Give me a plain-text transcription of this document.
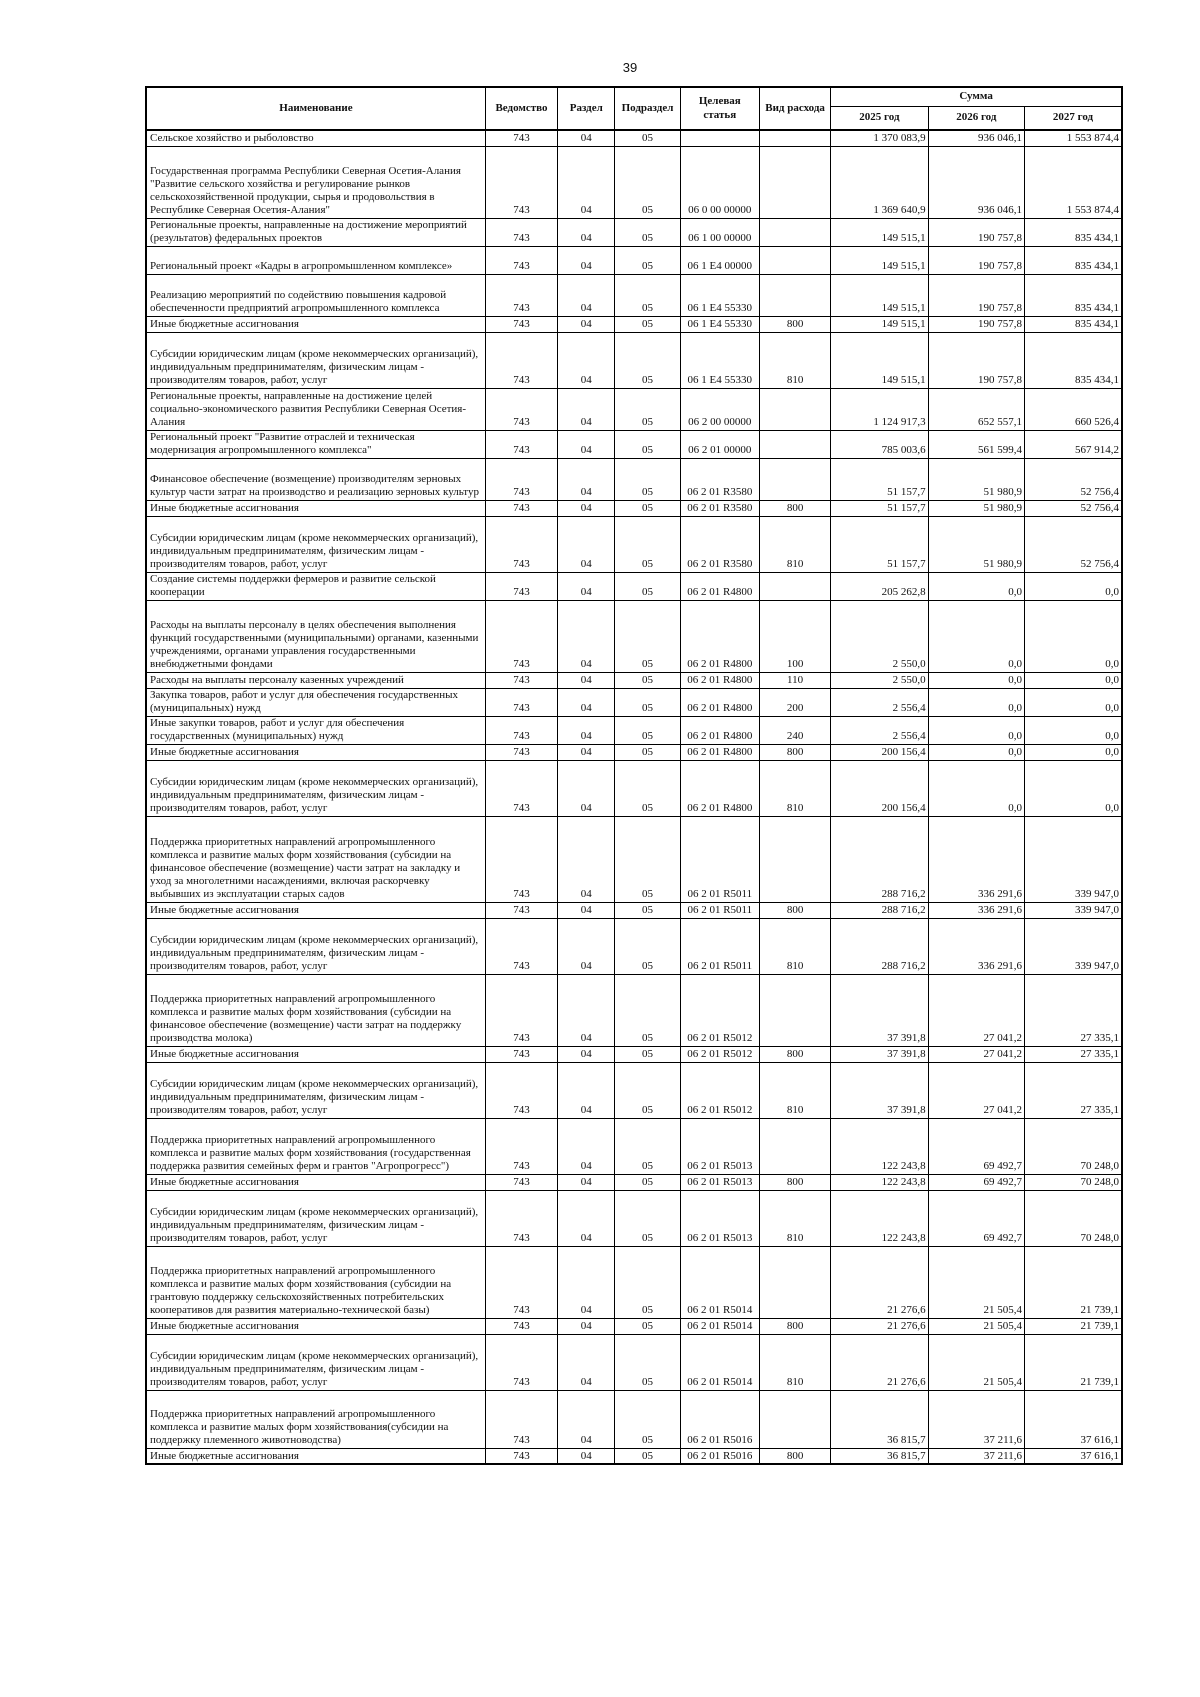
39
Наименование	Ведомство	Раздел	Подраздел	Целевая статья	Вид расхода	Сумма		
						2025 год	2026 год	2027 год
Сельское хозяйство и рыболовство	743	04	05			1 370 083,9	936 046,1	1 553 874,4
Государственная программа Республики Северная Осетия-Алания "Развитие сельского хозяйства и регулирование рынков сельскохозяйственной продукции, сырья и продовольствия в Республике Северная Осетия-Алания"	743	04	05	06 0 00 00000		1 369 640,9	936 046,1	1 553 874,4
Региональные проекты, направленные на достижение мероприятий (результатов) федеральных проектов	743	04	05	06 1 00 00000		149 515,1	190 757,8	835 434,1
Региональный проект «Кадры в агропромышленном комплексе»	743	04	05	06 1 Е4 00000		149 515,1	190 757,8	835 434,1
Реализацию мероприятий по содействию повышения кадровой обеспеченности предприятий агропромышленного комплекса	743	04	05	06 1 Е4 55330		149 515,1	190 757,8	835 434,1
Иные бюджетные ассигнования	743	04	05	06 1 Е4 55330	800	149 515,1	190 757,8	835 434,1
Субсидии юридическим лицам (кроме некоммерческих организаций), индивидуальным предпринимателям, физическим лицам - производителям товаров, работ, услуг	743	04	05	06 1 Е4 55330	810	149 515,1	190 757,8	835 434,1
Региональные проекты, направленные на достижение целей социально-экономического развития Республики Северная Осетия-Алания	743	04	05	06 2 00 00000		1 124 917,3	652 557,1	660 526,4
Региональный проект "Развитие отраслей и техническая модернизация агропромышленного комплекса"	743	04	05	06 2 01 00000		785 003,6	561 599,4	567 914,2
Финансовое обеспечение (возмещение) производителям зерновых культур части затрат на производство и реализацию зерновых культур	743	04	05	06 2 01 R3580		51 157,7	51 980,9	52 756,4
Иные бюджетные ассигнования	743	04	05	06 2 01 R3580	800	51 157,7	51 980,9	52 756,4
Субсидии юридическим лицам (кроме некоммерческих организаций), индивидуальным предпринимателям, физическим лицам - производителям товаров, работ, услуг	743	04	05	06 2 01 R3580	810	51 157,7	51 980,9	52 756,4
Создание системы поддержки фермеров и развитие сельской кооперации	743	04	05	06 2 01 R4800		205 262,8	0,0	0,0
Расходы на выплаты персоналу в целях обеспечения выполнения функций государственными (муниципальными) органами, казенными учреждениями, органами управления государственными внебюджетными фондами	743	04	05	06 2 01 R4800	100	2 550,0	0,0	0,0
Расходы на выплаты персоналу казенных учреждений	743	04	05	06 2 01 R4800	110	2 550,0	0,0	0,0
Закупка товаров, работ и услуг для обеспечения государственных (муниципальных) нужд	743	04	05	06 2 01 R4800	200	2 556,4	0,0	0,0
Иные закупки товаров, работ и услуг для обеспечения государственных (муниципальных) нужд	743	04	05	06 2 01 R4800	240	2 556,4	0,0	0,0
Иные бюджетные ассигнования	743	04	05	06 2 01 R4800	800	200 156,4	0,0	0,0
Субсидии юридическим лицам (кроме некоммерческих организаций), индивидуальным предпринимателям, физическим лицам - производителям товаров, работ, услуг	743	04	05	06 2 01 R4800	810	200 156,4	0,0	0,0
Поддержка приоритетных направлений агропромышленного комплекса и развитие малых форм хозяйствования (субсидии на финансовое обеспечение (возмещение) части затрат на закладку и уход за многолетними насаждениями, включая раскорчевку выбывших из эксплуатации старых садов	743	04	05	06 2 01 R5011		288 716,2	336 291,6	339 947,0
Иные бюджетные ассигнования	743	04	05	06 2 01 R5011	800	288 716,2	336 291,6	339 947,0
Субсидии юридическим лицам (кроме некоммерческих организаций), индивидуальным предпринимателям, физическим лицам - производителям товаров, работ, услуг	743	04	05	06 2 01 R5011	810	288 716,2	336 291,6	339 947,0
Поддержка приоритетных направлений агропромышленного комплекса и развитие малых форм хозяйствования (субсидии на финансовое обеспечение (возмещение) части затрат на поддержку производства молока)	743	04	05	06 2 01 R5012		37 391,8	27 041,2	27 335,1
Иные бюджетные ассигнования	743	04	05	06 2 01 R5012	800	37 391,8	27 041,2	27 335,1
Субсидии юридическим лицам (кроме некоммерческих организаций), индивидуальным предпринимателям, физическим лицам - производителям товаров, работ, услуг	743	04	05	06 2 01 R5012	810	37 391,8	27 041,2	27 335,1
Поддержка приоритетных направлений агропромышленного комплекса и развитие малых форм хозяйствования (государственная поддержка развития семейных ферм и грантов "Агропрогресс")	743	04	05	06 2 01 R5013		122 243,8	69 492,7	70 248,0
Иные бюджетные ассигнования	743	04	05	06 2 01 R5013	800	122 243,8	69 492,7	70 248,0
Субсидии юридическим лицам (кроме некоммерческих организаций), индивидуальным предпринимателям, физическим лицам - производителям товаров, работ, услуг	743	04	05	06 2 01 R5013	810	122 243,8	69 492,7	70 248,0
Поддержка приоритетных направлений агропромышленного комплекса и развитие малых форм хозяйствования (субсидии на грантовую поддержку сельскохозяйственных потребительских кооперативов для развития материально-технической базы)	743	04	05	06 2 01 R5014		21 276,6	21 505,4	21 739,1
Иные бюджетные ассигнования	743	04	05	06 2 01 R5014	800	21 276,6	21 505,4	21 739,1
Субсидии юридическим лицам (кроме некоммерческих организаций), индивидуальным предпринимателям, физическим лицам - производителям товаров, работ, услуг	743	04	05	06 2 01 R5014	810	21 276,6	21 505,4	21 739,1
Поддержка приоритетных направлений агропромышленного комплекса и развитие малых форм хозяйствования(субсидии на поддержку племенного животноводства)	743	04	05	06 2 01 R5016		36 815,7	37 211,6	37 616,1
Иные бюджетные ассигнования	743	04	05	06 2 01 R5016	800	36 815,7	37 211,6	37 616,1
